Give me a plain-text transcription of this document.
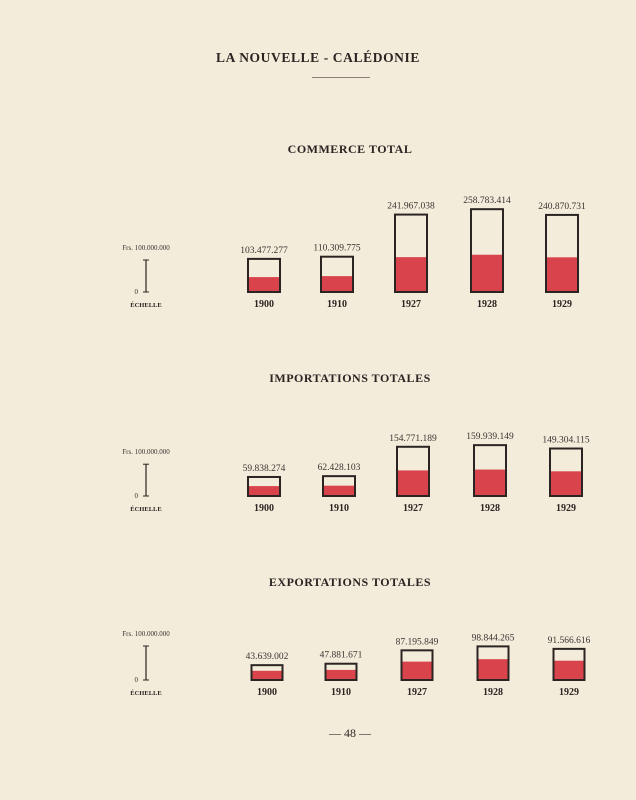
LA NOUVELLE - CALÉDONIE
COMMERCE TOTAL
Frs. 100.000.000
0
ÉCHELLE
103.477.277
1900
110.309.775
1910
241.967.038
1927
258.783.414
1928
240.870.731
1929
IMPORTATIONS TOTALES
Frs. 100.000.000
0
ÉCHELLE
59.838.274
1900
62.428.103
1910
154.771.189
1927
159.939.149
1928
149.304.115
1929
EXPORTATIONS TOTALES
Frs. 100.000.000
0
ÉCHELLE
43.639.002
1900
47.881.671
1910
87.195.849
1927
98.844.265
1928
91.566.616
1929
— 48 —
